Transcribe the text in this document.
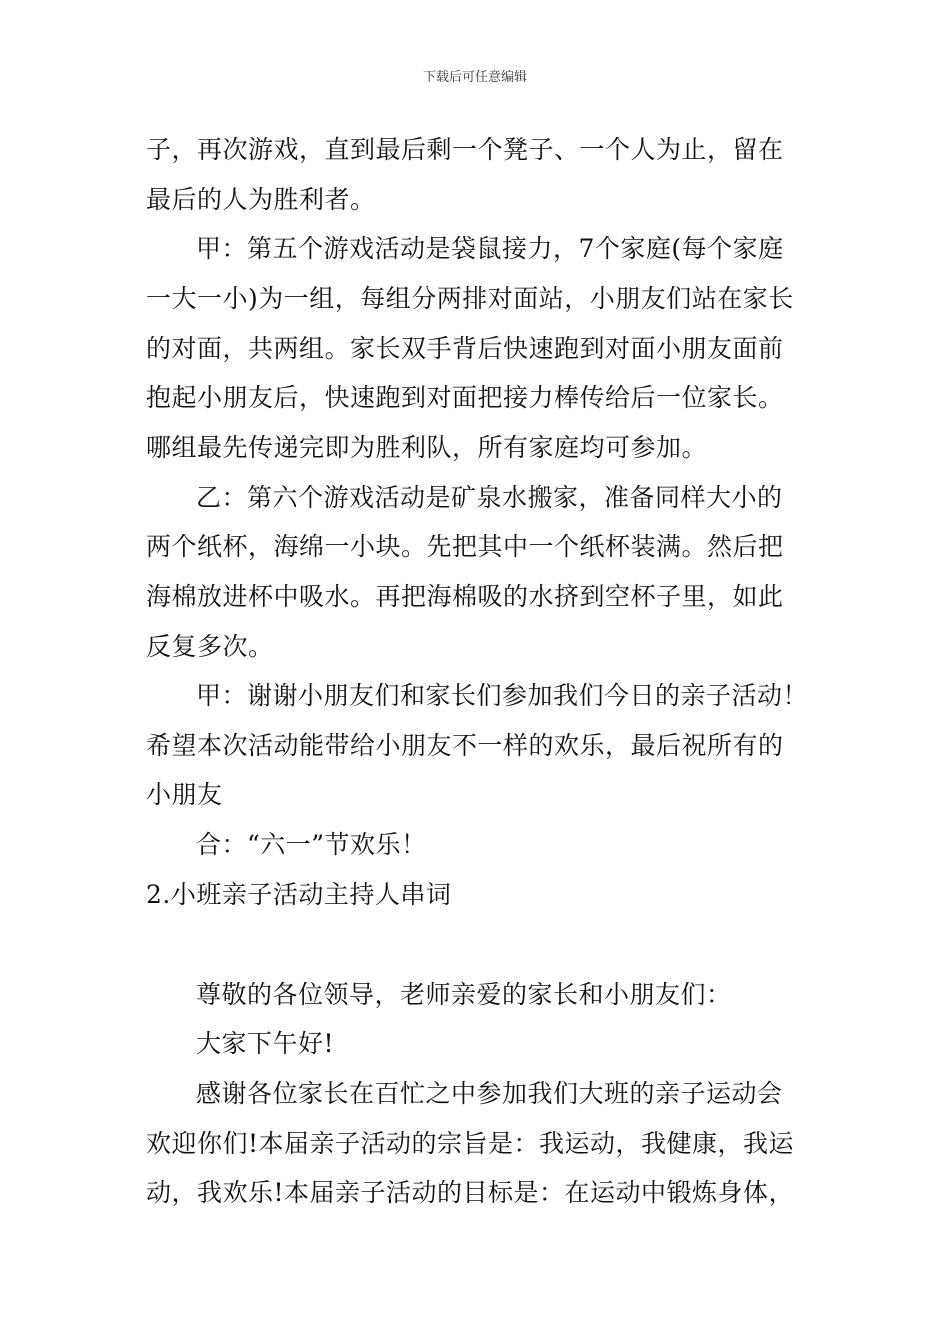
下载后可任意编辑
子，再次游戏，直到最后剩一个凳子、一个人为止，留在
最后的人为胜利者。
甲：第五个游戏活动是袋鼠接力，7个家庭(每个家庭
一大一小)为一组，每组分两排对面站，小朋友们站在家长
的对面，共两组。家长双手背后快速跑到对面小朋友面前
抱起小朋友后，快速跑到对面把接力棒传给后一位家长。
哪组最先传递完即为胜利队，所有家庭均可参加。
乙：第六个游戏活动是矿泉水搬家，准备同样大小的
两个纸杯，海绵一小块。先把其中一个纸杯装满。然后把
海棉放进杯中吸水。再把海棉吸的水挤到空杯子里，如此
反复多次。
甲：谢谢小朋友们和家长们参加我们今日的亲子活动！
希望本次活动能带给小朋友不一样的欢乐，最后祝所有的
小朋友
合：“六一”节欢乐！
2.小班亲子活动主持人串词
尊敬的各位领导，老师亲爱的家长和小朋友们：
大家下午好!
感谢各位家长在百忙之中参加我们大班的亲子运动会
欢迎你们!本届亲子活动的宗旨是：我运动，我健康，我运
动，我欢乐!本届亲子活动的目标是：在运动中锻炼身体，
